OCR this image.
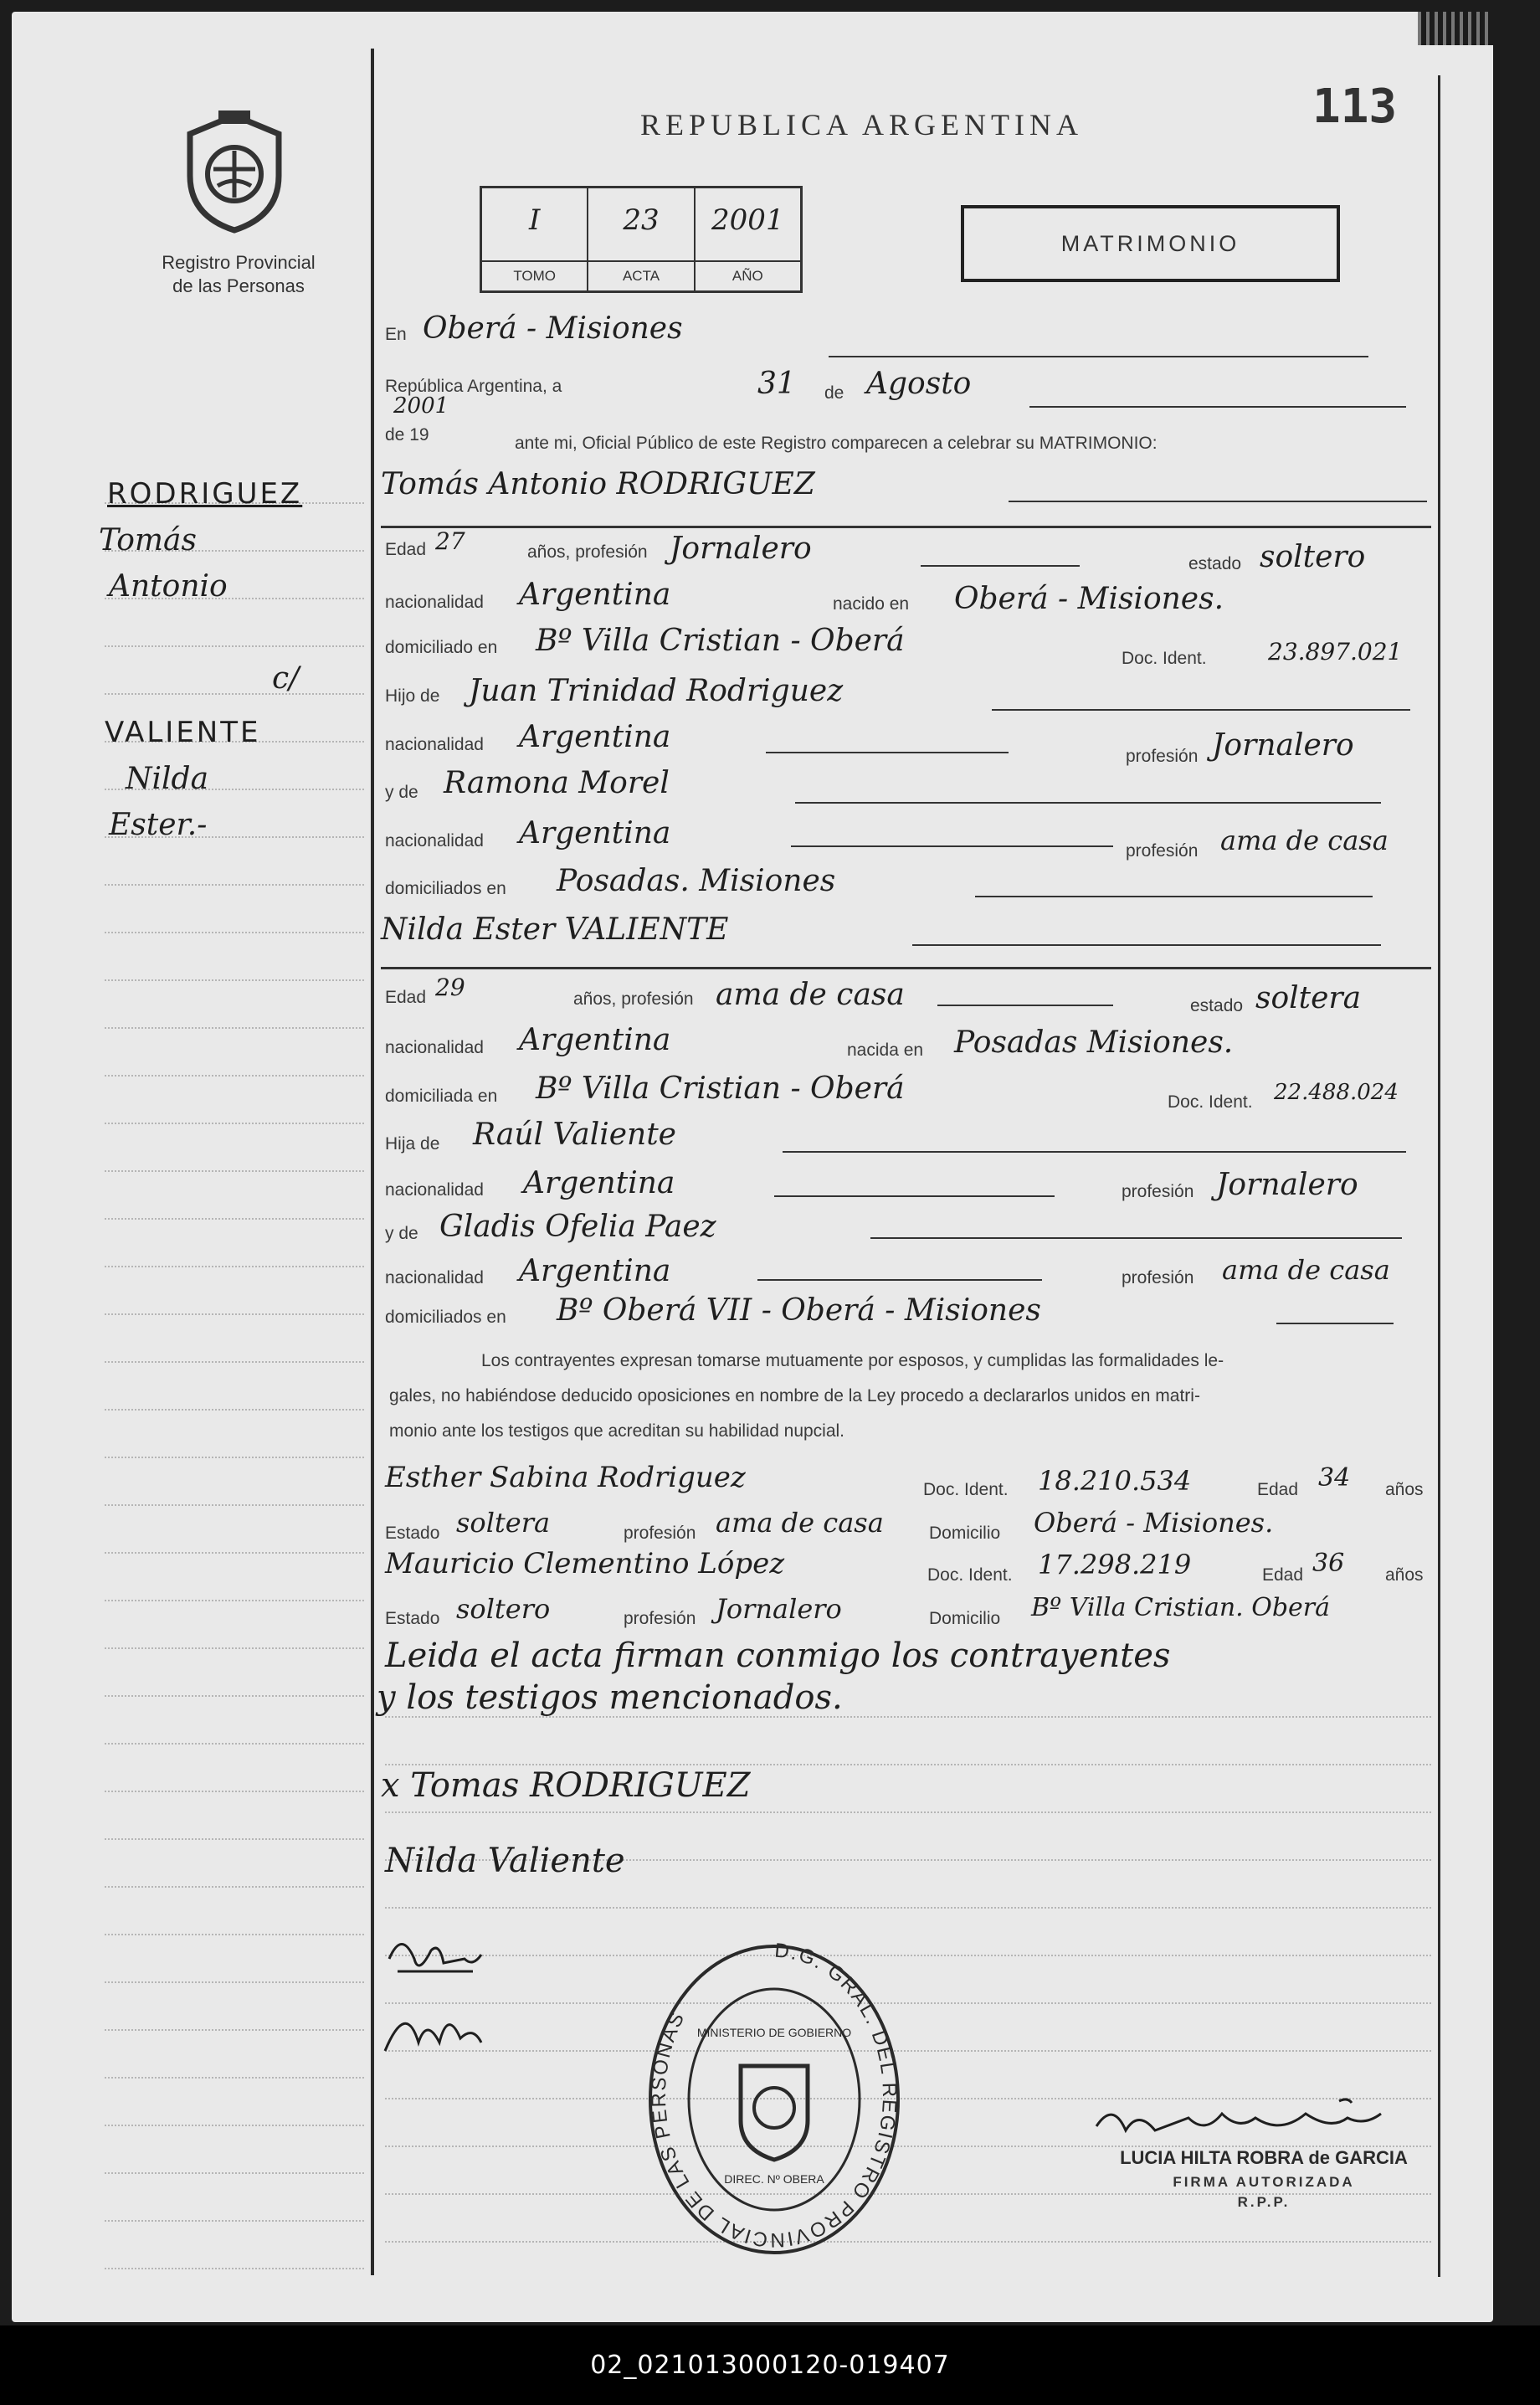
Registro Provincial
de las Personas
REPUBLICA ARGENTINA	113
I
TOMO
23
ACTA
2001
AÑO
MATRIMONIO
RODRIGUEZ
Tomás
Antonio
c/
VALIENTE
Nilda
Ester.-
En Oberá - Misiones
República Argentina, a	31 de Agosto
de 19
2001
ante mi, Oficial Público de este Registro comparecen a celebrar su MATRIMONIO:
Tomás Antonio RODRIGUEZ
Edad 27	años, profesión Jornalero	estado soltero
nacionalidad Argentina	nacido en Oberá - Misiones.
domiciliado en Bº Villa Cristian - Oberá
Doc. Ident.	23.897.021
Hijo de Juan Trinidad Rodriguez
nacionalidad Argentina
profesión Jornalero
y de Ramona Morel
nacionalidad Argentina
profesión ama de casa
domiciliados en Posadas. Misiones
Nilda Ester VALIENTE
Edad 29	años, profesión ama de casa	estado soltera
nacionalidad Argentina	nacida en Posadas Misiones.
domiciliada en Bº Villa Cristian - Oberá	Doc. Ident. 22.488.024
Hija de Raúl Valiente
nacionalidad Argentina	profesión Jornalero
y de Gladis Ofelia Paez
nacionalidad Argentina	profesión ama de casa
domiciliados en Bº Oberá VII - Oberá - Misiones
Los contrayentes expresan tomarse mutuamente por esposos, y cumplidas las formalidades le-
gales, no habiéndose deducido oposiciones en nombre de la Ley procedo a declararlos unidos en matri-
monio ante los testigos que acreditan su habilidad nupcial.
Esther Sabina Rodriguez	Doc. Ident. 18.210.534	Edad 34 años
Estado soltera	profesión ama de casa	Domicilio Oberá - Misiones.
Mauricio Clementino López	Doc. Ident. 17.298.219	Edad 36 años
Estado soltero	profesión Jornalero	Domicilio Bº Villa Cristian. Oberá
Leida el acta firman conmigo los contrayentes
y los testigos mencionados.
x Tomas RODRIGUEZ
Nilda Valiente
D.G. GRAL. DEL REGISTRO PROVINCIAL DE LAS PERSONAS
MINISTERIO DE GOBIERNO
DIREC. Nº OBERA
LUCIA HILTA ROBRA de GARCIA
FIRMA AUTORIZADA
R.P.P.
02_021013000120-019407
